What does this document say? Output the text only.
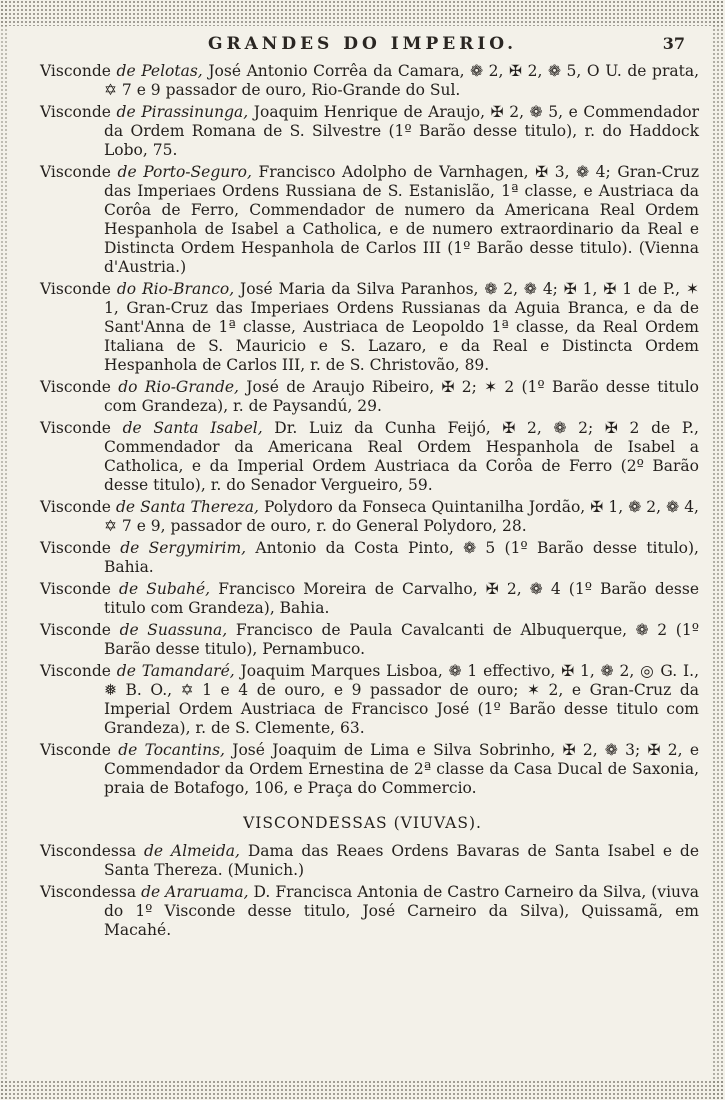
GRANDES DO IMPERIO.	37

Visconde de Pelotas, José Antonio Corrêa da Camara, ❁ 2, ✠ 2, ❁ 5, O U. de prata, ✡ 7 e 9 passador de ouro, Rio-Grande do Sul.

Visconde de Pirassinunga, Joaquim Henrique de Araujo, ✠ 2, ❁ 5, e Commendador da Ordem Romana de S. Silvestre (1º Barão desse titulo), r. do Haddock Lobo, 75.

Visconde de Porto-Seguro, Francisco Adolpho de Varnhagen, ✠ 3, ❁ 4; Gran-Cruz das Imperiaes Ordens Russiana de S. Estanislão, 1ª classe, e Austriaca da Corôa de Ferro, Commendador de numero da Americana Real Ordem Hespanhola de Isabel a Catholica, e de numero extraordinario da Real e Distincta Ordem Hespanhola de Carlos III (1º Barão desse titulo). (Vienna d'Austria.)

Visconde do Rio-Branco, José Maria da Silva Paranhos, ❁ 2, ❁ 4; ✠ 1, ✠ 1 de P., ✶ 1, Gran-Cruz das Imperiaes Ordens Russianas da Aguia Branca, e da de Sant'Anna de 1ª classe, Austriaca de Leopoldo 1ª classe, da Real Ordem Italiana de S. Mauricio e S. Lazaro, e da Real e Distincta Ordem Hespanhola de Carlos III, r. de S. Christovão, 89.

Visconde do Rio-Grande, José de Araujo Ribeiro, ✠ 2; ✶ 2 (1º Barão desse titulo com Grandeza), r. de Paysandú, 29.

Visconde de Santa Isabel, Dr. Luiz da Cunha Feijó, ✠ 2, ❁ 2; ✠ 2 de P., Commendador da Americana Real Ordem Hespanhola de Isabel a Catholica, e da Imperial Ordem Austriaca da Corôa de Ferro (2º Barão desse titulo), r. do Senador Vergueiro, 59.

Visconde de Santa Thereza, Polydoro da Fonseca Quintanilha Jordão, ✠ 1, ❁ 2, ❁ 4, ✡ 7 e 9, passador de ouro, r. do General Polydoro, 28.

Visconde de Sergymirim, Antonio da Costa Pinto, ❁ 5 (1º Barão desse titulo), Bahia.

Visconde de Subahé, Francisco Moreira de Carvalho, ✠ 2, ❁ 4 (1º Barão desse titulo com Grandeza), Bahia.

Visconde de Suassuna, Francisco de Paula Cavalcanti de Albuquerque, ❁ 2 (1º Barão desse titulo), Pernambuco.

Visconde de Tamandaré, Joaquim Marques Lisboa, ❁ 1 effectivo, ✠ 1, ❁ 2, ◎ G. I., ❅ B. O., ✡ 1 e 4 de ouro, e 9 passador de ouro; ✶ 2, e Gran-Cruz da Imperial Ordem Austriaca de Francisco José (1º Barão desse titulo com Grandeza), r. de S. Clemente, 63.

Visconde de Tocantins, José Joaquim de Lima e Silva Sobrinho, ✠ 2, ❁ 3; ✠ 2, e Commendador da Ordem Ernestina de 2ª classe da Casa Ducal de Saxonia, praia de Botafogo, 106, e Praça do Commercio.

VISCONDESSAS (VIUVAS).

Viscondessa de Almeida, Dama das Reaes Ordens Bavaras de Santa Isabel e de Santa Thereza. (Munich.)

Viscondessa de Araruama, D. Francisca Antonia de Castro Carneiro da Silva, (viuva do 1º Visconde desse titulo, José Carneiro da Silva), Quissamã, em Macahé.
